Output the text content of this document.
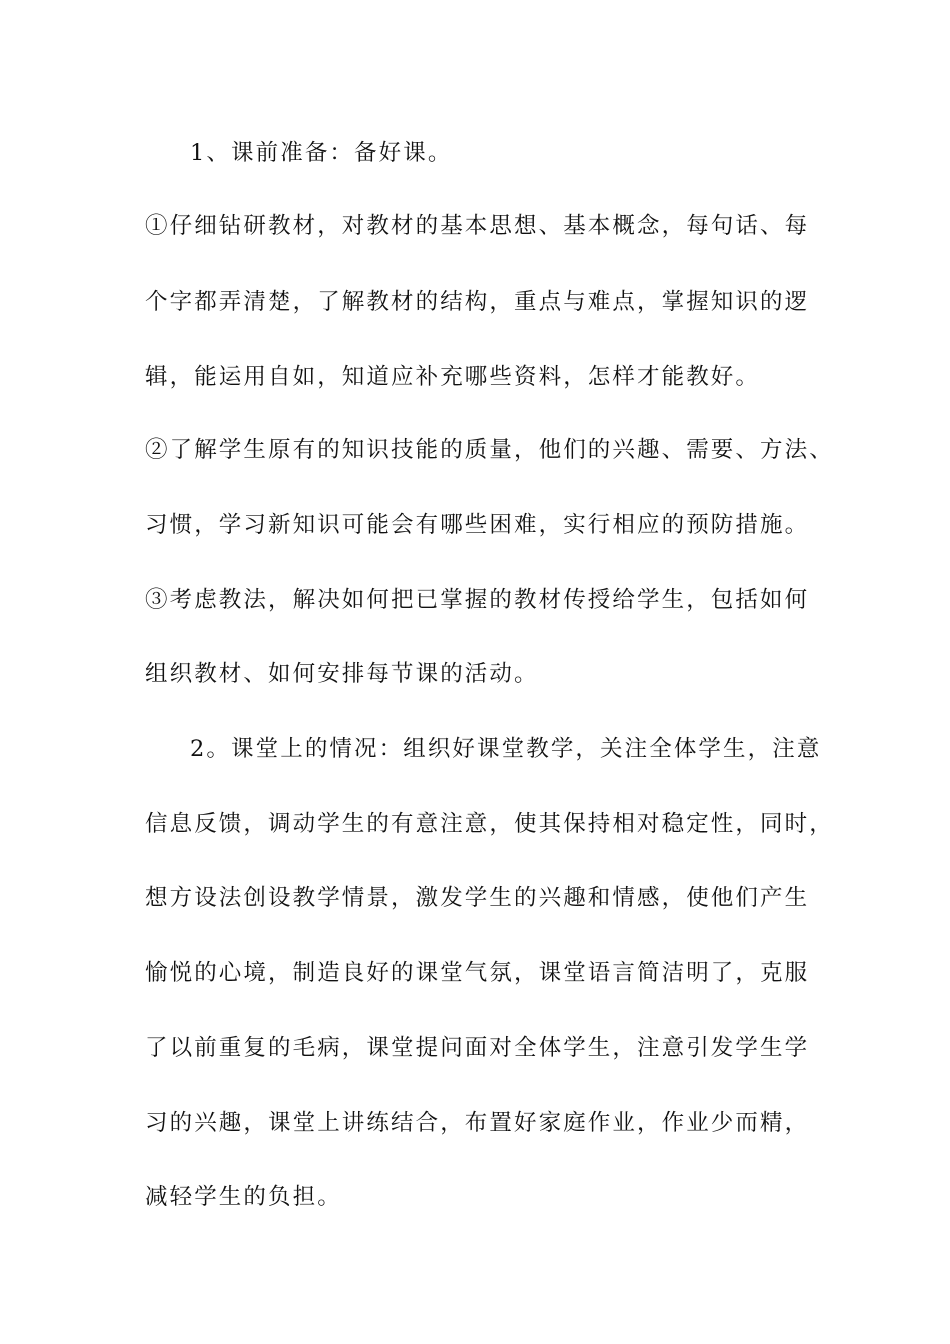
1、课前准备：备好课。
①仔细钻研教材，对教材的基本思想、基本概念，每句话、每
个字都弄清楚，了解教材的结构，重点与难点，掌握知识的逻
辑，能运用自如，知道应补充哪些资料，怎样才能教好。
②了解学生原有的知识技能的质量，他们的兴趣、需要、方法、
习惯，学习新知识可能会有哪些困难，实行相应的预防措施。
③考虑教法，解决如何把已掌握的教材传授给学生，包括如何
组织教材、如何安排每节课的活动。
2。课堂上的情况：组织好课堂教学，关注全体学生，注意
信息反馈，调动学生的有意注意，使其保持相对稳定性，同时，
想方设法创设教学情景，激发学生的兴趣和情感，使他们产生
愉悦的心境，制造良好的课堂气氛，课堂语言简洁明了，克服
了以前重复的毛病，课堂提问面对全体学生，注意引发学生学
习的兴趣，课堂上讲练结合，布置好家庭作业，作业少而精，
减轻学生的负担。
